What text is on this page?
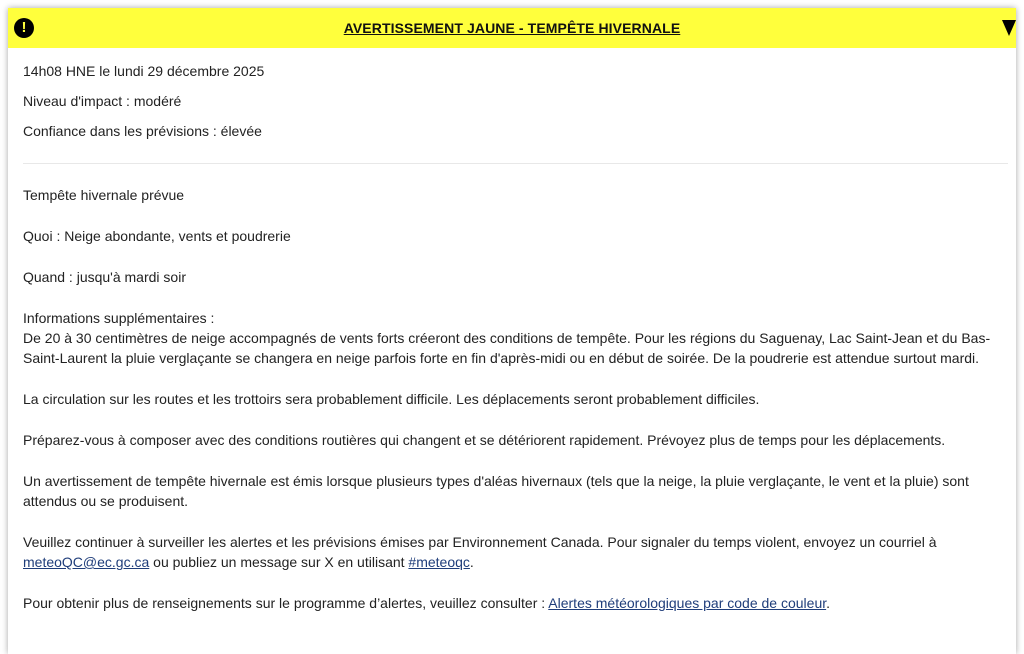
!	AVERTISSEMENT JAUNE - TEMPÊTE HIVERNALE

14h08 HNE le lundi 29 décembre 2025

Niveau d'impact : modéré

Confiance dans les prévisions : élevée

Tempête hivernale prévue

Quoi : Neige abondante, vents et poudrerie

Quand : jusqu'à mardi soir

Informations supplémentaires :
De 20 à 30 centimètres de neige accompagnés de vents forts créeront des conditions de tempête. Pour les régions du Saguenay, Lac Saint-Jean et du Bas-Saint-Laurent la pluie verglaçante se changera en neige parfois forte en fin d'après-midi ou en début de soirée. De la poudrerie est attendue surtout mardi.

La circulation sur les routes et les trottoirs sera probablement difficile. Les déplacements seront probablement difficiles.

Préparez-vous à composer avec des conditions routières qui changent et se détériorent rapidement. Prévoyez plus de temps pour les déplacements.

Un avertissement de tempête hivernale est émis lorsque plusieurs types d'aléas hivernaux (tels que la neige, la pluie verglaçante, le vent et la pluie) sont attendus ou se produisent.

Veuillez continuer à surveiller les alertes et les prévisions émises par Environnement Canada. Pour signaler du temps violent, envoyez un courriel à meteoQC@ec.gc.ca ou publiez un message sur X en utilisant #meteoqc.

Pour obtenir plus de renseignements sur le programme d’alertes, veuillez consulter : Alertes météorologiques par code de couleur.
